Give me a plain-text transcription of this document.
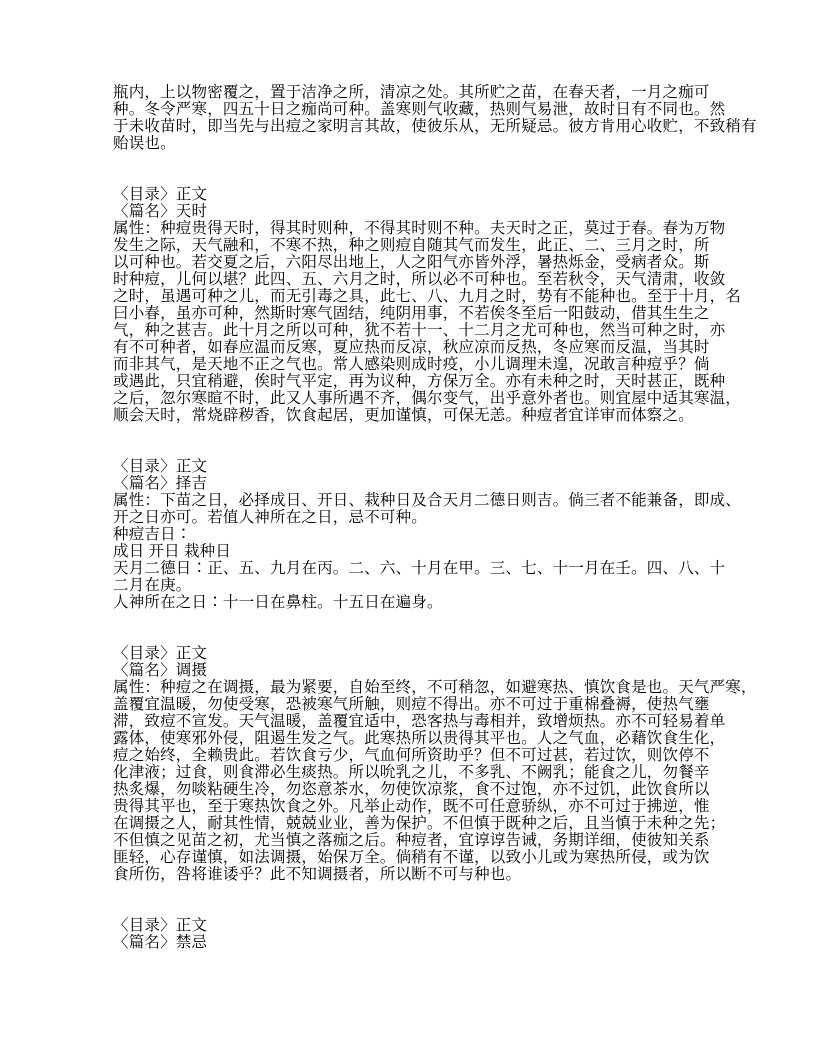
瓶内，上以物密覆之，置于洁净之所，清凉之处。其所贮之苗，在春天者，一月之痂可
种。冬令严寒，四五十日之痂尚可种。盖寒则气收藏，热则气易泄，故时日有不同也。然
于未收苗时，即当先与出痘之家明言其故，使彼乐从，无所疑忌。彼方肯用心收贮，不致稍有
贻误也。

〈目录〉正文
〈篇名〉天时
属性：种痘贵得天时，得其时则种，不得其时则不种。夫天时之正，莫过于春。春为万物
发生之际，天气融和，不寒不热，种之则痘自随其气而发生，此正、二、三月之时，所
以可种也。若交夏之后，六阳尽出地上，人之阳气亦皆外浮，暑热烁金，受病者众。斯
时种痘，儿何以堪？此四、五、六月之时，所以必不可种也。至若秋令，天气清肃，收敛
之时，虽遇可种之儿，而无引毒之具，此七、八、九月之时，势有不能种也。至于十月，名
曰小春，虽亦可种，然斯时寒气固结，纯阴用事，不若俟冬至后一阳鼓动，借其生生之
气，种之甚吉。此十月之所以可种，犹不若十一、十二月之尤可种也，然当可种之时，亦
有不可种者，如春应温而反寒，夏应热而反凉，秋应凉而反热，冬应寒而反温，当其时
而非其气，是天地不正之气也。常人感染则成时疫，小儿调理未遑，况敢言种痘乎？倘
或遇此，只宜稍避，俟时气平定，再为议种，方保万全。亦有未种之时，天时甚正，既种
之后，忽尔寒暄不时，此又人事所遇不齐，偶尔变气，出乎意外者也。则宜屋中适其寒温，
顺会天时，常烧辟秽香，饮食起居，更加谨慎，可保无恙。种痘者宜详审而体察之。

〈目录〉正文
〈篇名〉择吉
属性：下苗之日，必择成日、开日、栽种日及合天月二德日则吉。倘三者不能兼备，即成、
开之日亦可。若值人神所在之日，忌不可种。
种痘吉日∶
成日 开日 栽种日
天月二德日∶正、五、九月在丙。二、六、十月在甲。三、七、十一月在壬。四、八、十
二月在庚。
人神所在之日∶十一日在鼻柱。十五日在遍身。

〈目录〉正文
〈篇名〉调摄
属性：种痘之在调摄，最为紧要，自始至终，不可稍忽，如避寒热、慎饮食是也。天气严寒，
盖覆宜温暖，勿使受寒，恐被寒气所触，则痘不得出。亦不可过于重棉叠褥，使热气壅
滞，致痘不宣发。天气温暖，盖覆宜适中，恐客热与毒相并，致增烦热。亦不可轻易着单
露体，使寒邪外侵，阻遏生发之气。此寒热所以贵得其平也。人之气血，必藉饮食生化，
痘之始终，全赖贵此。若饮食亏少，气血何所资助乎？但不可过甚，若过饮，则饮停不
化津液；过食，则食滞必生痰热。所以吮乳之儿，不多乳、不阙乳；能食之儿，勿餐辛
热炙爆，勿啖粘硬生冷，勿恣意茶水，勿使饮凉浆，食不过饱，亦不过饥，此饮食所以
贵得其平也，至于寒热饮食之外。凡举止动作，既不可任意骄纵，亦不可过于拂逆，惟
在调摄之人，耐其性情，兢兢业业，善为保护。不但慎于既种之后，且当慎于未种之先；
不但慎之见苗之初，尤当慎之落痂之后。种痘者，宜谆谆告诫，务期详细，使彼知关系
匪轻，心存谨慎，如法调摄，始保万全。倘稍有不谨，以致小儿或为寒热所侵，或为饮
食所伤，咎将谁诿乎？此不知调摄者，所以断不可与种也。

〈目录〉正文
〈篇名〉禁忌
